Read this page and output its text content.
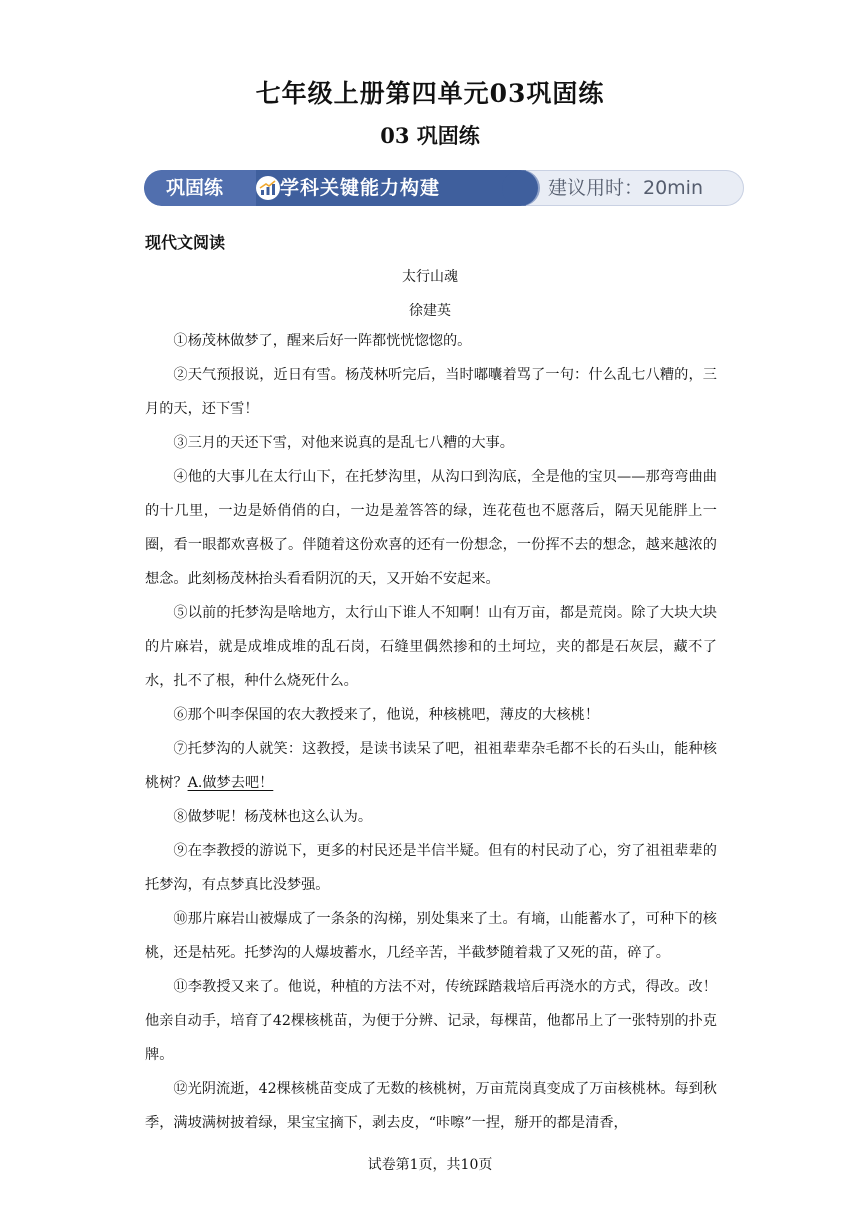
七年级上册第四单元03巩固练
03 巩固练
巩固练	学科关键能力构建	建议用时：20min
现代文阅读

太行山魂

徐建英

①杨茂林做梦了，醒来后好一阵都恍恍惚惚的。

②天气预报说，近日有雪。杨茂林听完后，当时嘟囔着骂了一句：什么乱七八糟的，三月的天，还下雪！

③三月的天还下雪，对他来说真的是乱七八糟的大事。

④他的大事儿在太行山下，在托梦沟里，从沟口到沟底，全是他的宝贝——那弯弯曲曲的十几里，一边是娇俏俏的白，一边是羞答答的绿，连花苞也不愿落后，隔天见能胖上一圈，看一眼都欢喜极了。伴随着这份欢喜的还有一份想念，一份挥不去的想念，越来越浓的想念。此刻杨茂林抬头看看阴沉的天，又开始不安起来。

⑤以前的托梦沟是啥地方，太行山下谁人不知啊！山有万亩，都是荒岗。除了大块大块的片麻岩，就是成堆成堆的乱石岗，石缝里偶然掺和的土坷垃，夹的都是石灰层，藏不了水，扎不了根，种什么烧死什么。

⑥那个叫李保国的农大教授来了，他说，种核桃吧，薄皮的大核桃！

⑦托梦沟的人就笑：这教授，是读书读呆了吧，祖祖辈辈杂毛都不长的石头山，能种核桃树？A.做梦去吧！

⑧做梦呢！杨茂林也这么认为。

⑨在李教授的游说下，更多的村民还是半信半疑。但有的村民动了心，穷了祖祖辈辈的托梦沟，有点梦真比没梦强。

⑩那片麻岩山被爆成了一条条的沟梯，别处集来了土。有墒，山能蓄水了，可种下的核桃，还是枯死。托梦沟的人爆坡蓄水，几经辛苦，半截梦随着栽了又死的苗，碎了。

⑪李教授又来了。他说，种植的方法不对，传统踩踏栽培后再浇水的方式，得改。改！他亲自动手，培育了42棵核桃苗，为便于分辨、记录，每棵苗，他都吊上了一张特别的扑克牌。

⑫光阴流逝，42棵核桃苗变成了无数的核桃树，万亩荒岗真变成了万亩核桃林。每到秋季，满坡满树披着绿，果宝宝摘下，剥去皮，“咔嚓”一捏，掰开的都是清香，

试卷第1页，共10页
